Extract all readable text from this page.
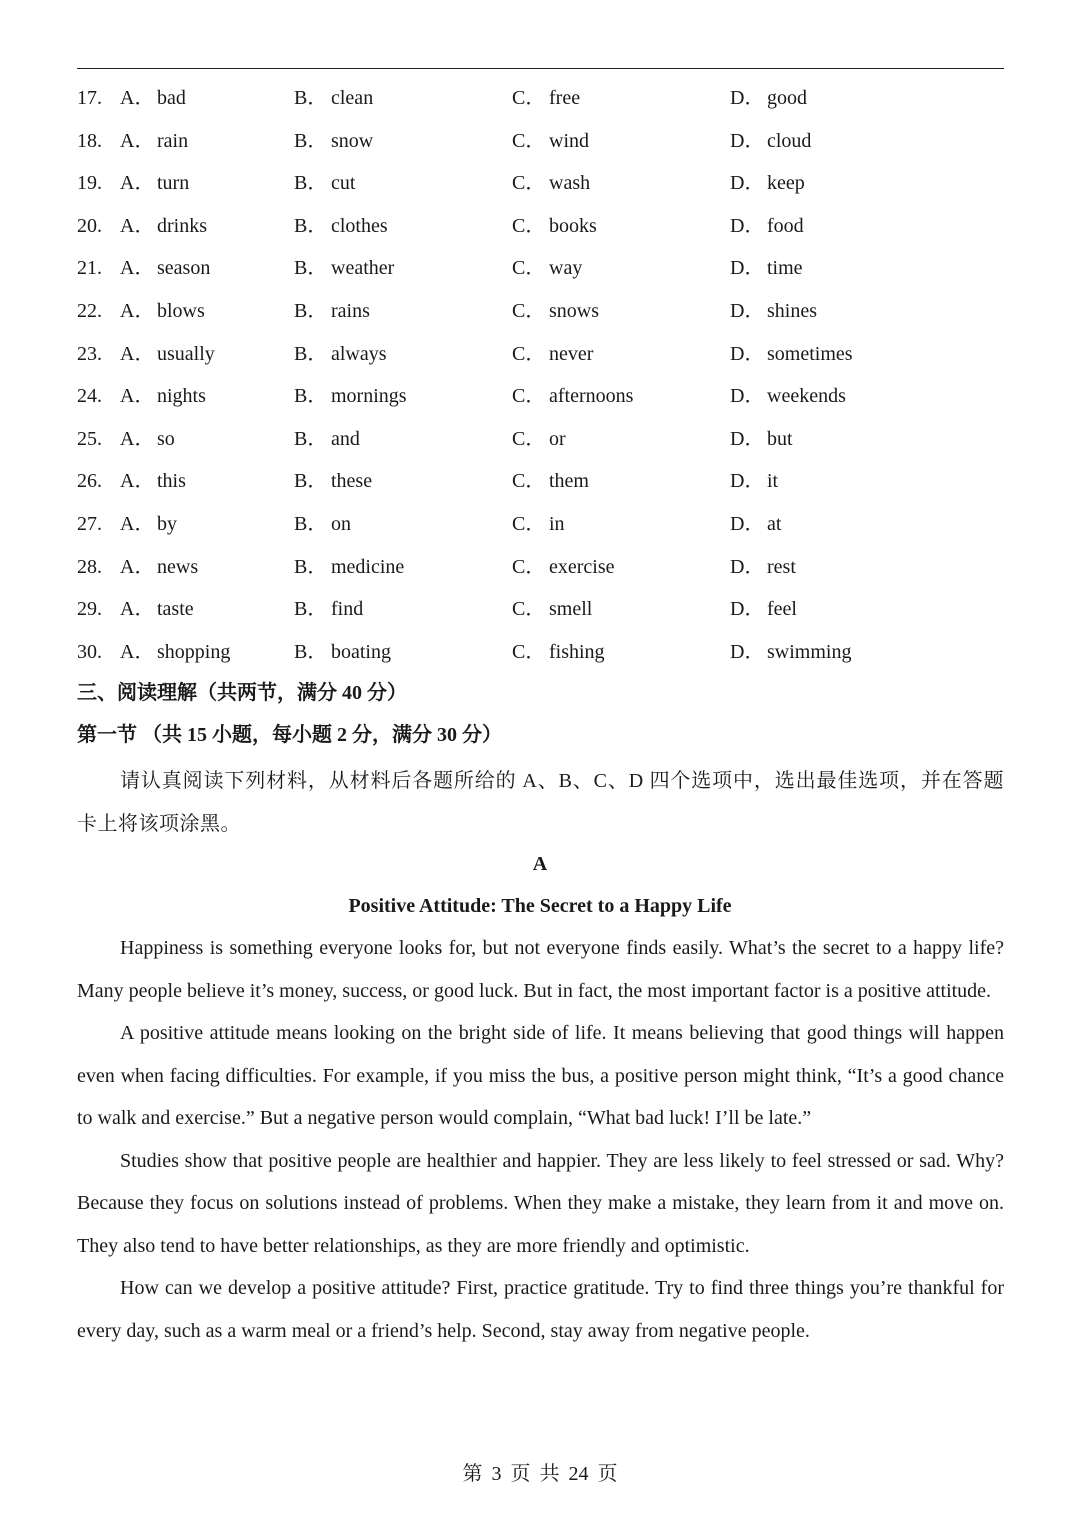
17. A． bad	B． clean	C． free	D． good
18. A． rain	B． snow	C． wind	D． cloud
19. A． turn	B． cut	C． wash	D． keep
20. A． drinks	B． clothes	C． books	D． food
21. A． season	B． weather	C． way	D． time
22. A． blows	B． rains	C． snows	D． shines
23. A． usually	B． always	C． never	D． sometimes
24. A． nights	B． mornings	C． afternoons	D． weekends
25. A． so	B． and	C． or	D． but
26. A． this	B． these	C． them	D． it
27. A． by	B． on	C． in	D． at
28. A． news	B． medicine	C． exercise	D． rest
29. A． taste	B． find	C． smell	D． feel
30. A． shopping	B． boating	C． fishing	D． swimming
三、阅读理解（共两节，满分 40 分）
第一节 （共 15 小题，每小题 2 分，满分 30 分）
请认真阅读下列材料，从材料后各题所给的 A、B、C、D 四个选项中，选出最佳选项，并在答题卡上将该项涂黑。
A
Positive Attitude: The Secret to a Happy Life

Happiness is something everyone looks for, but not everyone finds easily. What’s the secret to a happy life? Many people believe it’s money, success, or good luck. But in fact, the most important factor is a positive attitude.

A positive attitude means looking on the bright side of life. It means believing that good things will happen even when facing difficulties. For example, if you miss the bus, a positive person might think, “It’s a good chance to walk and exercise.” But a negative person would complain, “What bad luck! I’ll be late.”

Studies show that positive people are healthier and happier. They are less likely to feel stressed or sad. Why? Because they focus on solutions instead of problems. When they make a mistake, they learn from it and move on. They also tend to have better relationships, as they are more friendly and optimistic.

How can we develop a positive attitude? First, practice gratitude. Try to find three things you’re thankful for every day, such as a warm meal or a friend’s help. Second, stay away from negative people.

第 3 页 共 24 页
